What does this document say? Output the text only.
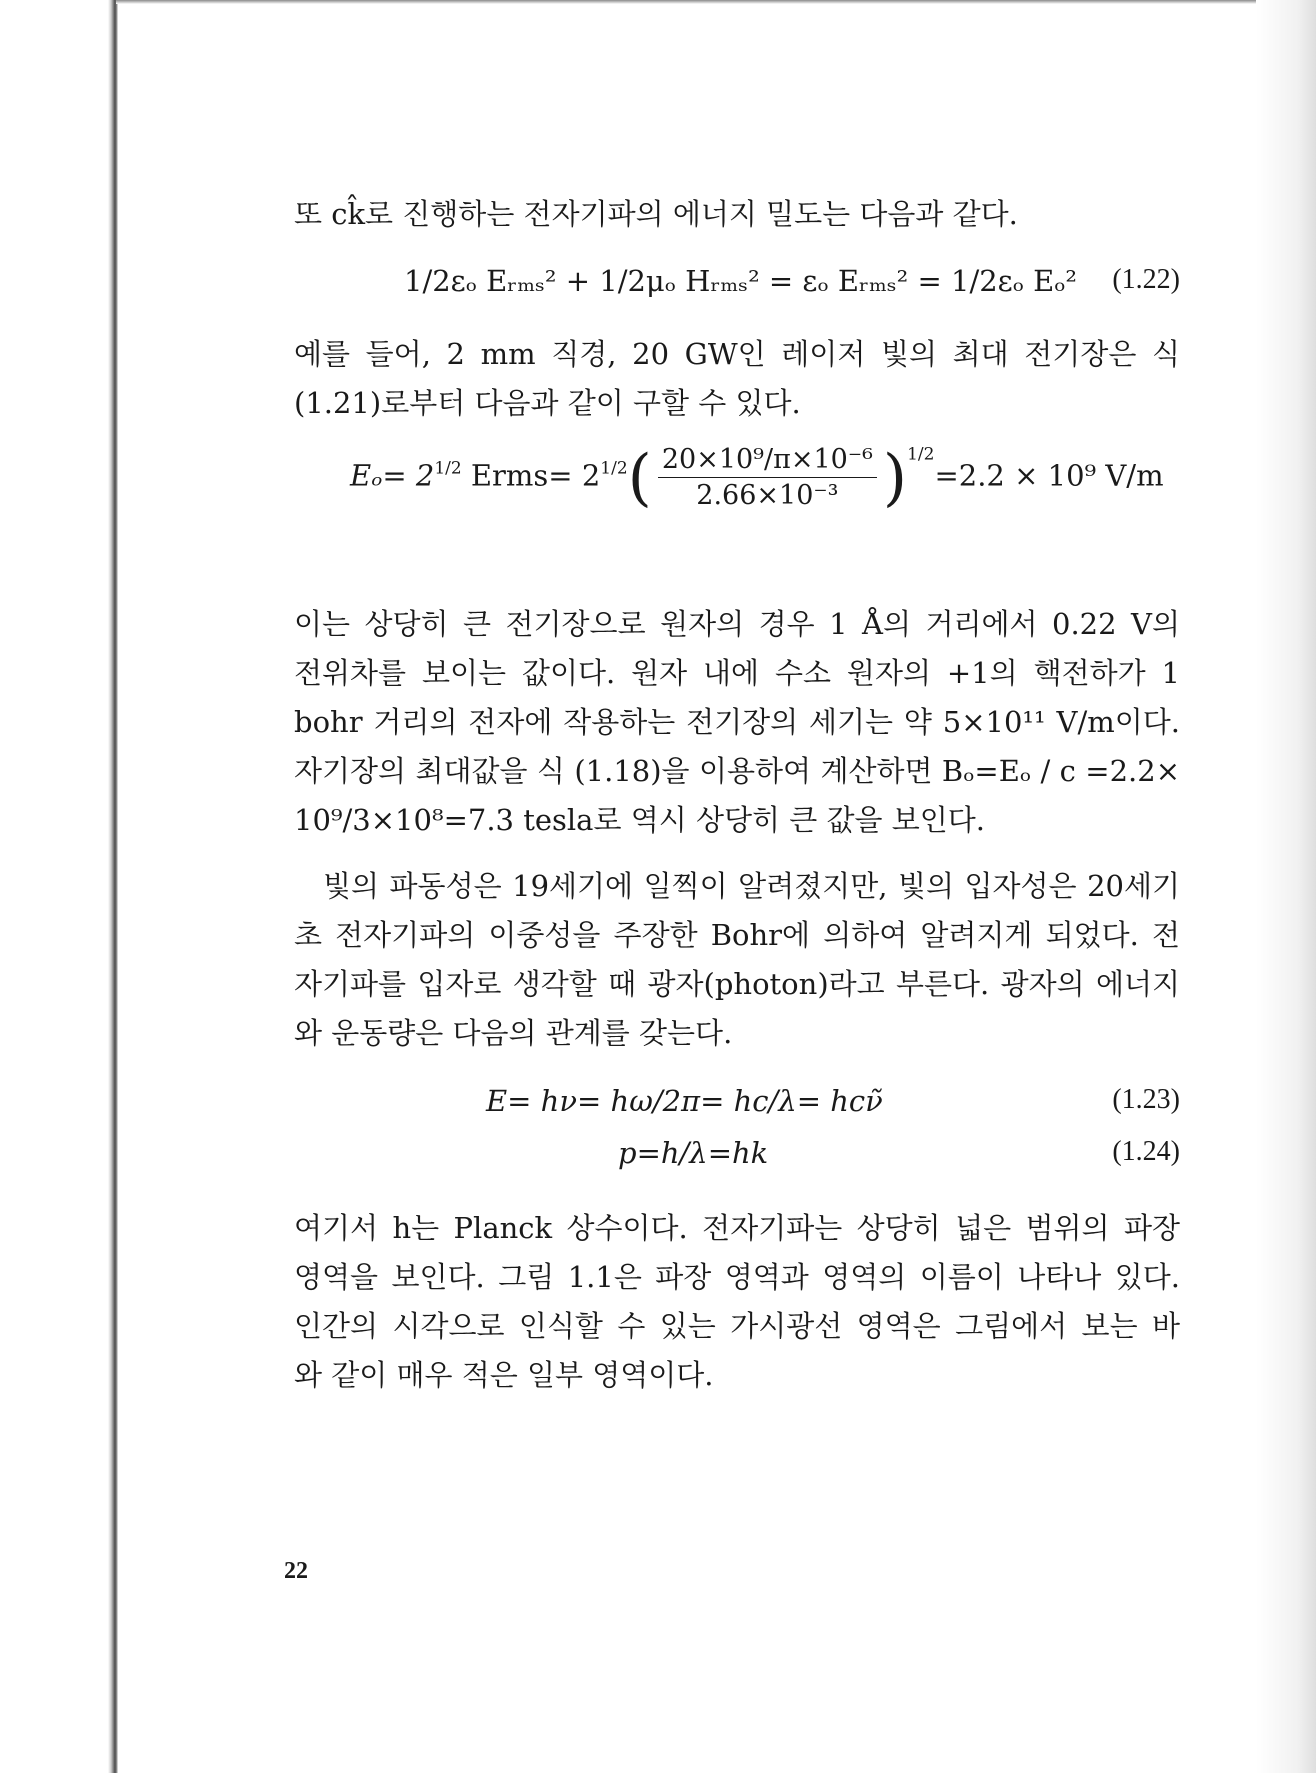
또 ck̂로 진행하는 전자기파의 에너지 밀도는 다음과 같다.

1/2εₒ Eᵣₘₛ² + 1/2μₒ Hᵣₘₛ² = εₒ Eᵣₘₛ² = 1/2εₒ Eₒ² (1.22)

예를 들어, 2 mm 직경, 20 GW인 레이저 빛의 최대 전기장은 식
(1.21)로부터 다음과 같이 구할 수 있다.

$E_o= 2^{1/2}$ Erms= $2^{1/2}( \frac{\text{20×10⁹/π×10⁻⁶}}{\text{2.66×10⁻³}} )^{1/2}=2.2 \times 10^9$ V/m

이는 상당히 큰 전기장으로 원자의 경우 1 Å의 거리에서 0.22 V의
전위차를 보이는 값이다. 원자 내에 수소 원자의 +1의 핵전하가 1
bohr 거리의 전자에 작용하는 전기장의 세기는 약 5×10¹¹ V/m이다.
자기장의 최대값을 식 (1.18)을 이용하여 계산하면 Bₒ=Eₒ / c =2.2×
10⁹/3×10⁸=7.3 tesla로 역시 상당히 큰 값을 보인다.

빛의 파동성은 19세기에 일찍이 알려졌지만, 빛의 입자성은 20세기
초 전자기파의 이중성을 주장한 Bohr에 의하여 알려지게 되었다. 전
자기파를 입자로 생각할 때 광자(photon)라고 부른다. 광자의 에너지
와 운동량은 다음의 관계를 갖는다.

E= hν= hω/2π= hc/λ= hcν̃	(1.23)
p=h/λ=hk	(1.24)

여기서 h는 Planck 상수이다. 전자기파는 상당히 넓은 범위의 파장
영역을 보인다. 그림 1.1은 파장 영역과 영역의 이름이 나타나 있다.
인간의 시각으로 인식할 수 있는 가시광선 영역은 그림에서 보는 바
와 같이 매우 적은 일부 영역이다.

22
